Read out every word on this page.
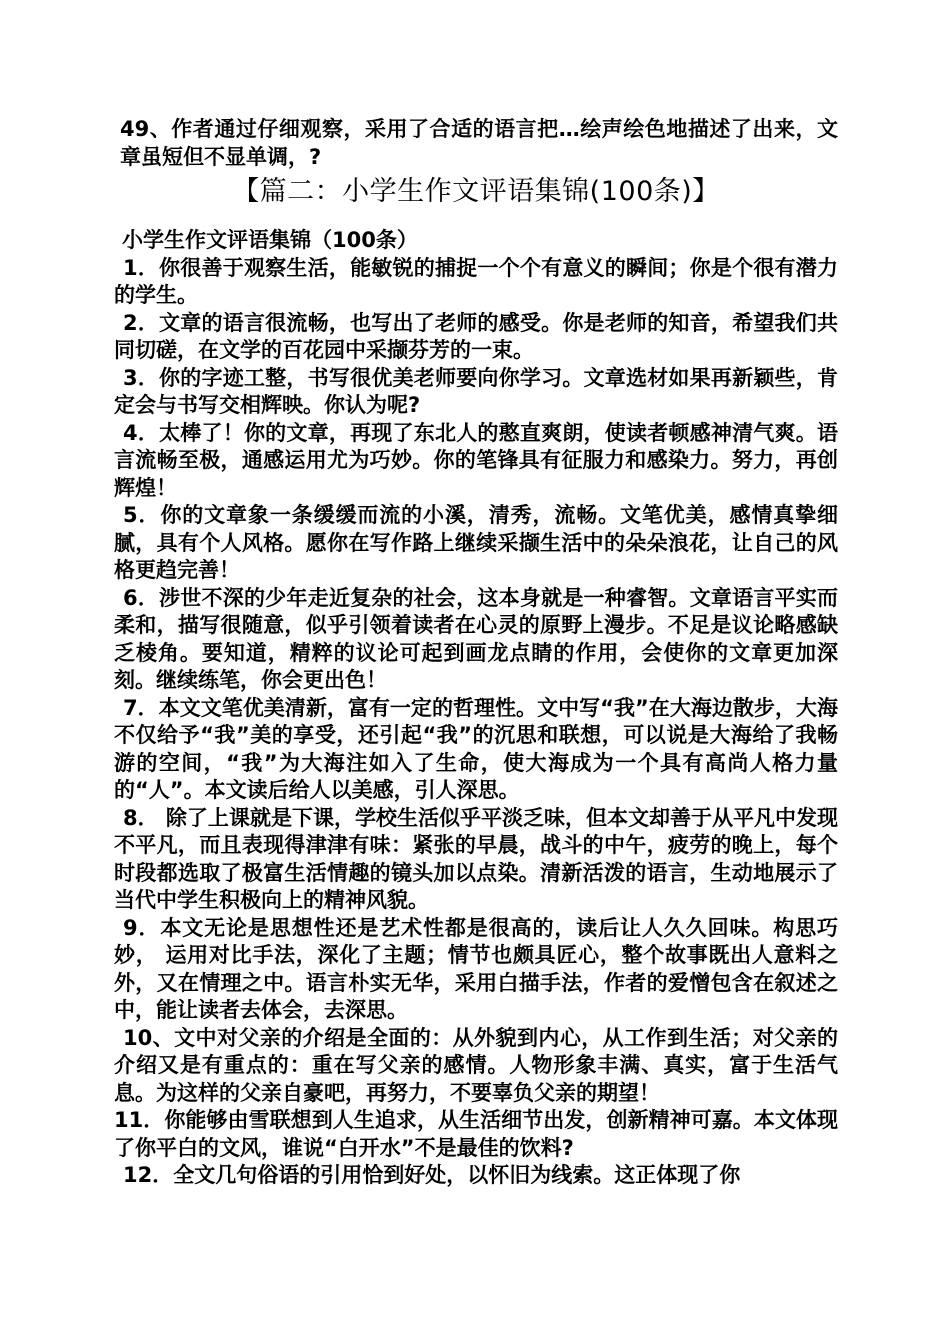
49、作者通过仔细观察，采用了合适的语言把…绘声绘色地描述了出来，文章虽短但不显单调，?

【篇二：小学生作文评语集锦(100条)】

小学生作文评语集锦（100条）

1．你很善于观察生活，能敏锐的捕捉一个个有意义的瞬间；你是个很有潜力的学生。

2．文章的语言很流畅，也写出了老师的感受。你是老师的知音，希望我们共同切磋，在文学的百花园中采撷芬芳的一束。

3．你的字迹工整，书写很优美老师要向你学习。文章选材如果再新颖些，肯定会与书写交相辉映。你认为呢?

4．太棒了！你的文章，再现了东北人的憨直爽朗，使读者顿感神清气爽。语言流畅至极，通感运用尤为巧妙。你的笔锋具有征服力和感染力。努力，再创辉煌！

5．你的文章象一条缓缓而流的小溪，清秀，流畅。文笔优美，感情真挚细腻，具有个人风格。愿你在写作路上继续采撷生活中的朵朵浪花，让自己的风格更趋完善！

6．涉世不深的少年走近复杂的社会，这本身就是一种睿智。文章语言平实而柔和，描写很随意，似乎引领着读者在心灵的原野上漫步。不足是议论略感缺乏棱角。要知道，精粹的议论可起到画龙点睛的作用，会使你的文章更加深刻。继续练笔，你会更出色！

7．本文文笔优美清新，富有一定的哲理性。文中写“我”在大海边散步，大海不仅给予“我”美的享受，还引起“我”的沉思和联想，可以说是大海给了我畅游的空间，“我”为大海注如入了生命，使大海成为一个具有高尚人格力量的“人”。本文读后给人以美感，引人深思。

8． 除了上课就是下课，学校生活似乎平淡乏味，但本文却善于从平凡中发现不平凡，而且表现得津津有味：紧张的早晨，战斗的中午，疲劳的晚上，每个时段都选取了极富生活情趣的镜头加以点染。清新活泼的语言，生动地展示了当代中学生积极向上的精神风貌。

9．本文无论是思想性还是艺术性都是很高的，读后让人久久回味。构思巧妙， 运用对比手法，深化了主题；情节也颇具匠心，整个故事既出人意料之外，又在情理之中。语言朴实无华，采用白描手法，作者的爱憎包含在叙述之中，能让读者去体会，去深思。

10、文中对父亲的介绍是全面的：从外貌到内心，从工作到生活；对父亲的介绍又是有重点的：重在写父亲的感情。人物形象丰满、真实，富于生活气息。为这样的父亲自豪吧，再努力，不要辜负父亲的期望！

11．你能够由雪联想到人生追求，从生活细节出发，创新精神可嘉。本文体现了你平白的文风，谁说“白开水”不是最佳的饮料?

12．全文几句俗语的引用恰到好处，以怀旧为线索。这正体现了你
